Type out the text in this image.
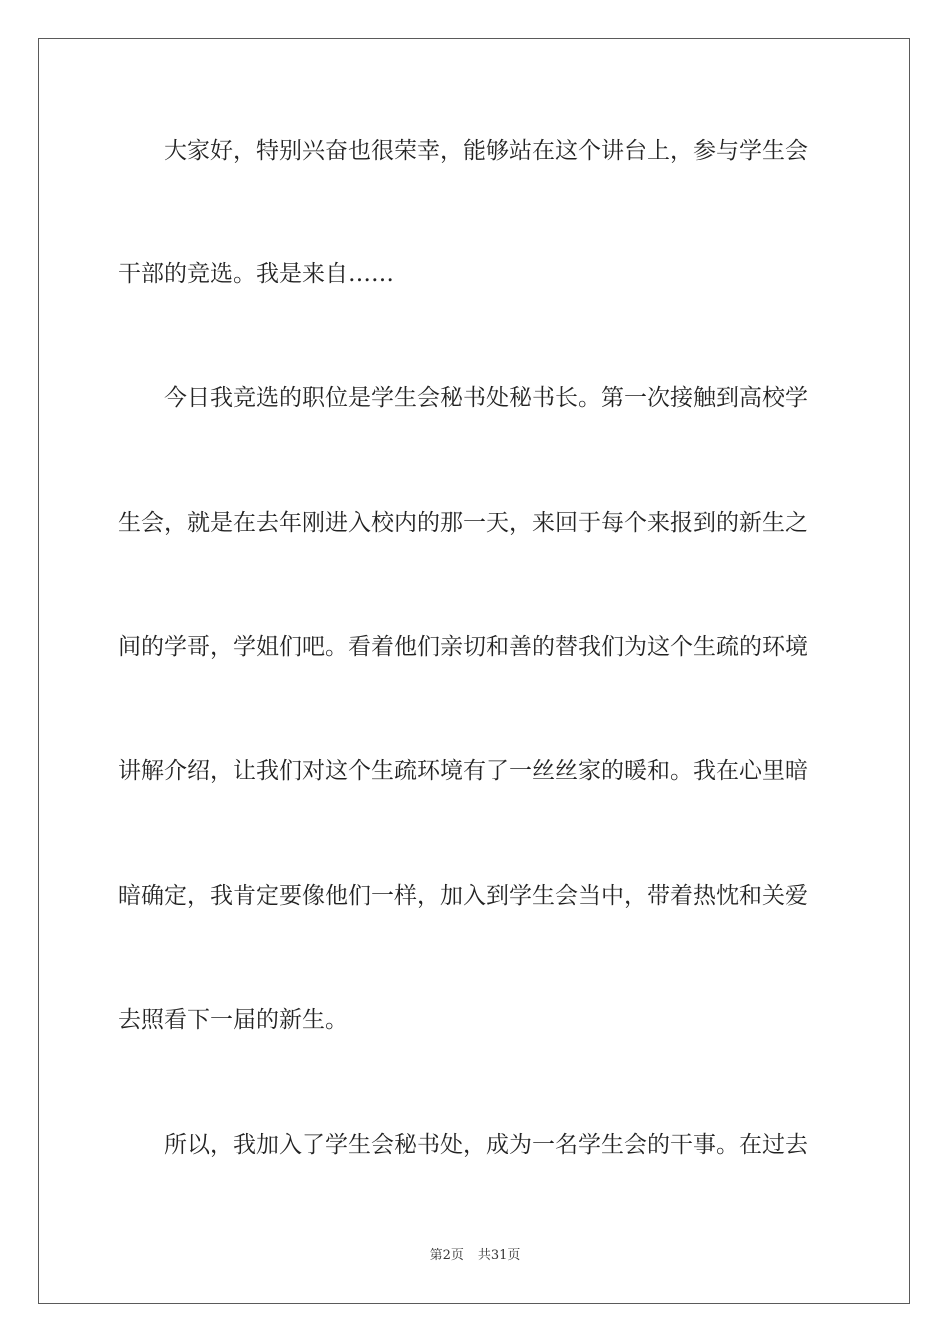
大家好，特别兴奋也很荣幸，能够站在这个讲台上，参与学生会
干部的竞选。我是来自……
今日我竞选的职位是学生会秘书处秘书长。第一次接触到高校学
生会，就是在去年刚进入校内的那一天，来回于每个来报到的新生之
间的学哥，学姐们吧。看着他们亲切和善的替我们为这个生疏的环境
讲解介绍，让我们对这个生疏环境有了一丝丝家的暖和。我在心里暗
暗确定，我肯定要像他们一样，加入到学生会当中，带着热忱和关爱
去照看下一届的新生。
所以，我加入了学生会秘书处，成为一名学生会的干事。在过去
第2页 共31页
